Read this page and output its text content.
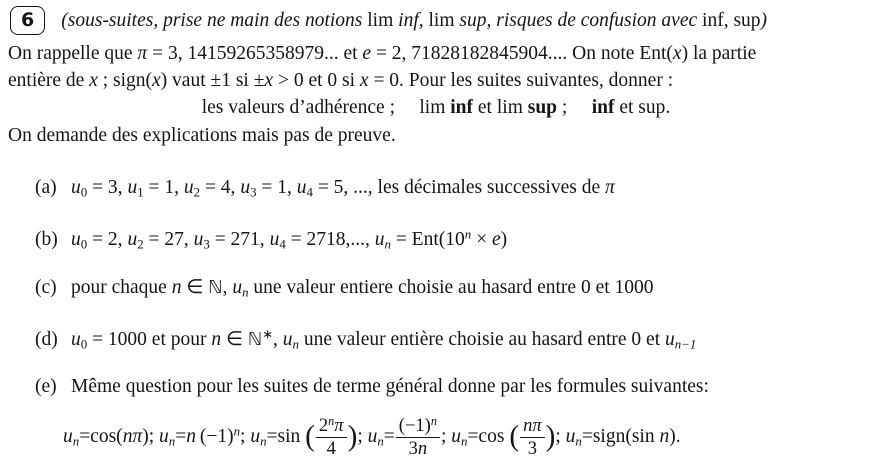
6	(sous-suites, prise ne main des notions lim inf, lim sup, risques de confusion avec inf, sup)
On rappelle que π = 3, 14159265358979... et e = 2, 71828182845904.... On note Ent(x) la partie
entière de x ; sign(x) vaut ±1 si ±x > 0 et 0 si x = 0. Pour les suites suivantes, donner :
les valeurs d’adhérence ;  lim inf et lim sup ;  inf et sup.
On demande des explications mais pas de preuve.
(a) $u_0 = 3$, $u_1 = 1$, $u_2 = 4$, $u_3 = 1$, $u_4 = 5$, ..., les décimales successives de π
(b) $u_0 = 2$, $u_2 = 27$, $u_3 = 271$, $u_4 = 2718$,..., $u_n = Ent(10^n \times e)$
(c) pour chaque n ∈ ℕ, $u_n$ une valeur entiere choisie au hasard entre 0 et 1000
(d) $u_0 = 1000$ et pour n ∈ ℕ∗, $u_n$ une valeur entière choisie au hasard entre 0 et $u_{n-1}$
(e) Même question pour les suites de terme général donne par les formules suivantes:
$u_n=\cos(n\pi)$; $u_n=n$ $(-1)^n$; $u_n=\sin$ ( $\frac{2^n\pi}{4}$ ); $u_n= \frac{(-1)^n}{3n}$ ; $u_n=\cos$ ( $\frac{n\pi}{3}$ ); $u_n=sign(\sin$ n).
